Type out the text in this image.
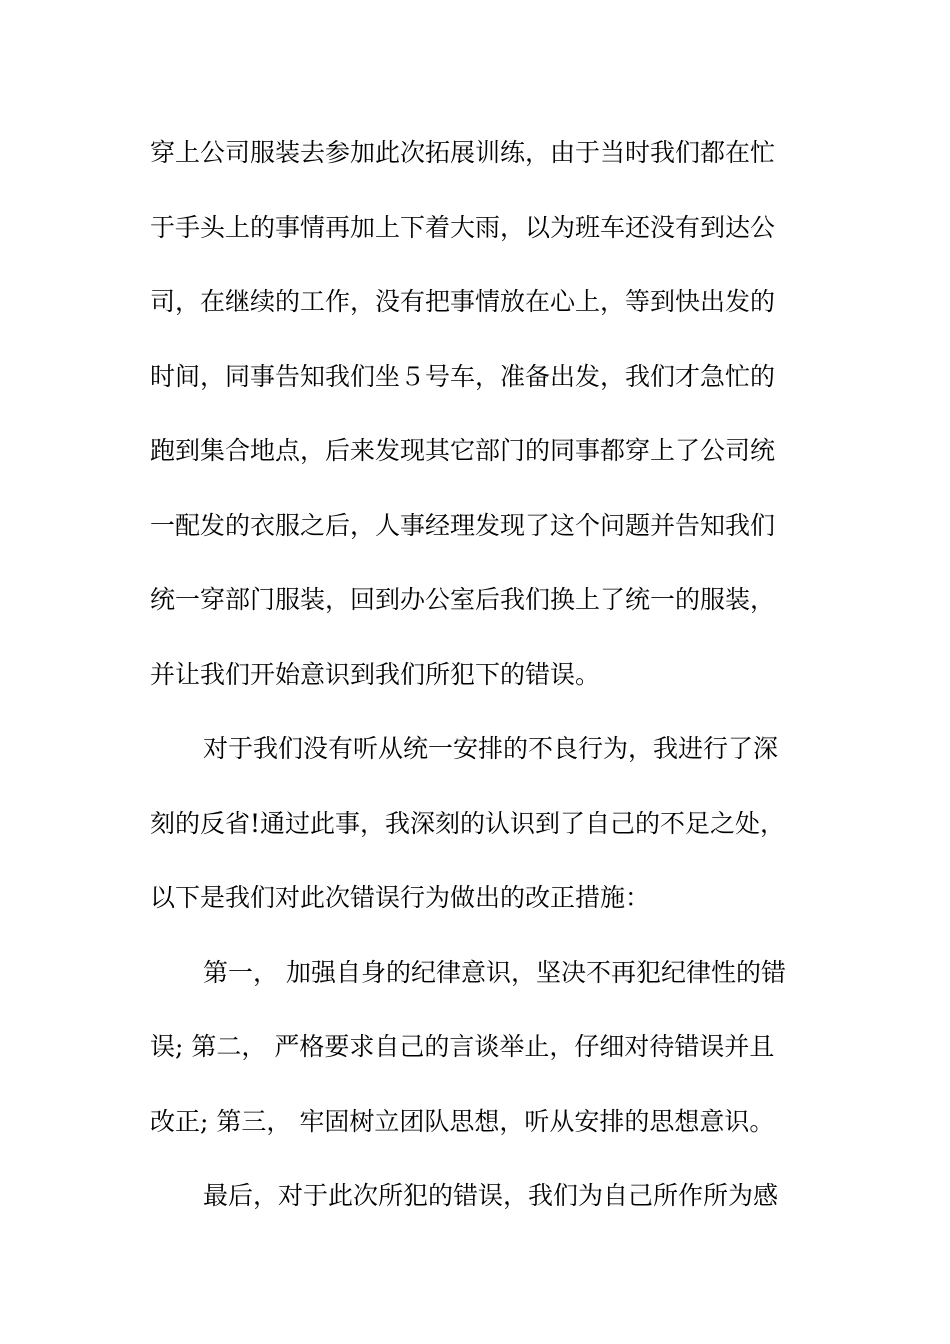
穿上公司服装去参加此次拓展训练，由于当时我们都在忙
于手头上的事情再加上下着大雨，以为班车还没有到达公
司，在继续的工作，没有把事情放在心上，等到快出发的
时间，同事告知我们坐５号车，准备出发，我们才急忙的
跑到集合地点，后来发现其它部门的同事都穿上了公司统
一配发的衣服之后，人事经理发现了这个问题并告知我们
统一穿部门服装，回到办公室后我们换上了统一的服装，
并让我们开始意识到我们所犯下的错误。
对于我们没有听从统一安排的不良行为，我进行了深
刻的反省!通过此事，我深刻的认识到了自己的不足之处，
以下是我们对此次错误行为做出的改正措施：
第一， 加强自身的纪律意识，坚决不再犯纪律性的错
误; 第二， 严格要求自己的言谈举止，仔细对待错误并且
改正; 第三， 牢固树立团队思想，听从安排的思想意识。
最后，对于此次所犯的错误，我们为自己所作所为感
